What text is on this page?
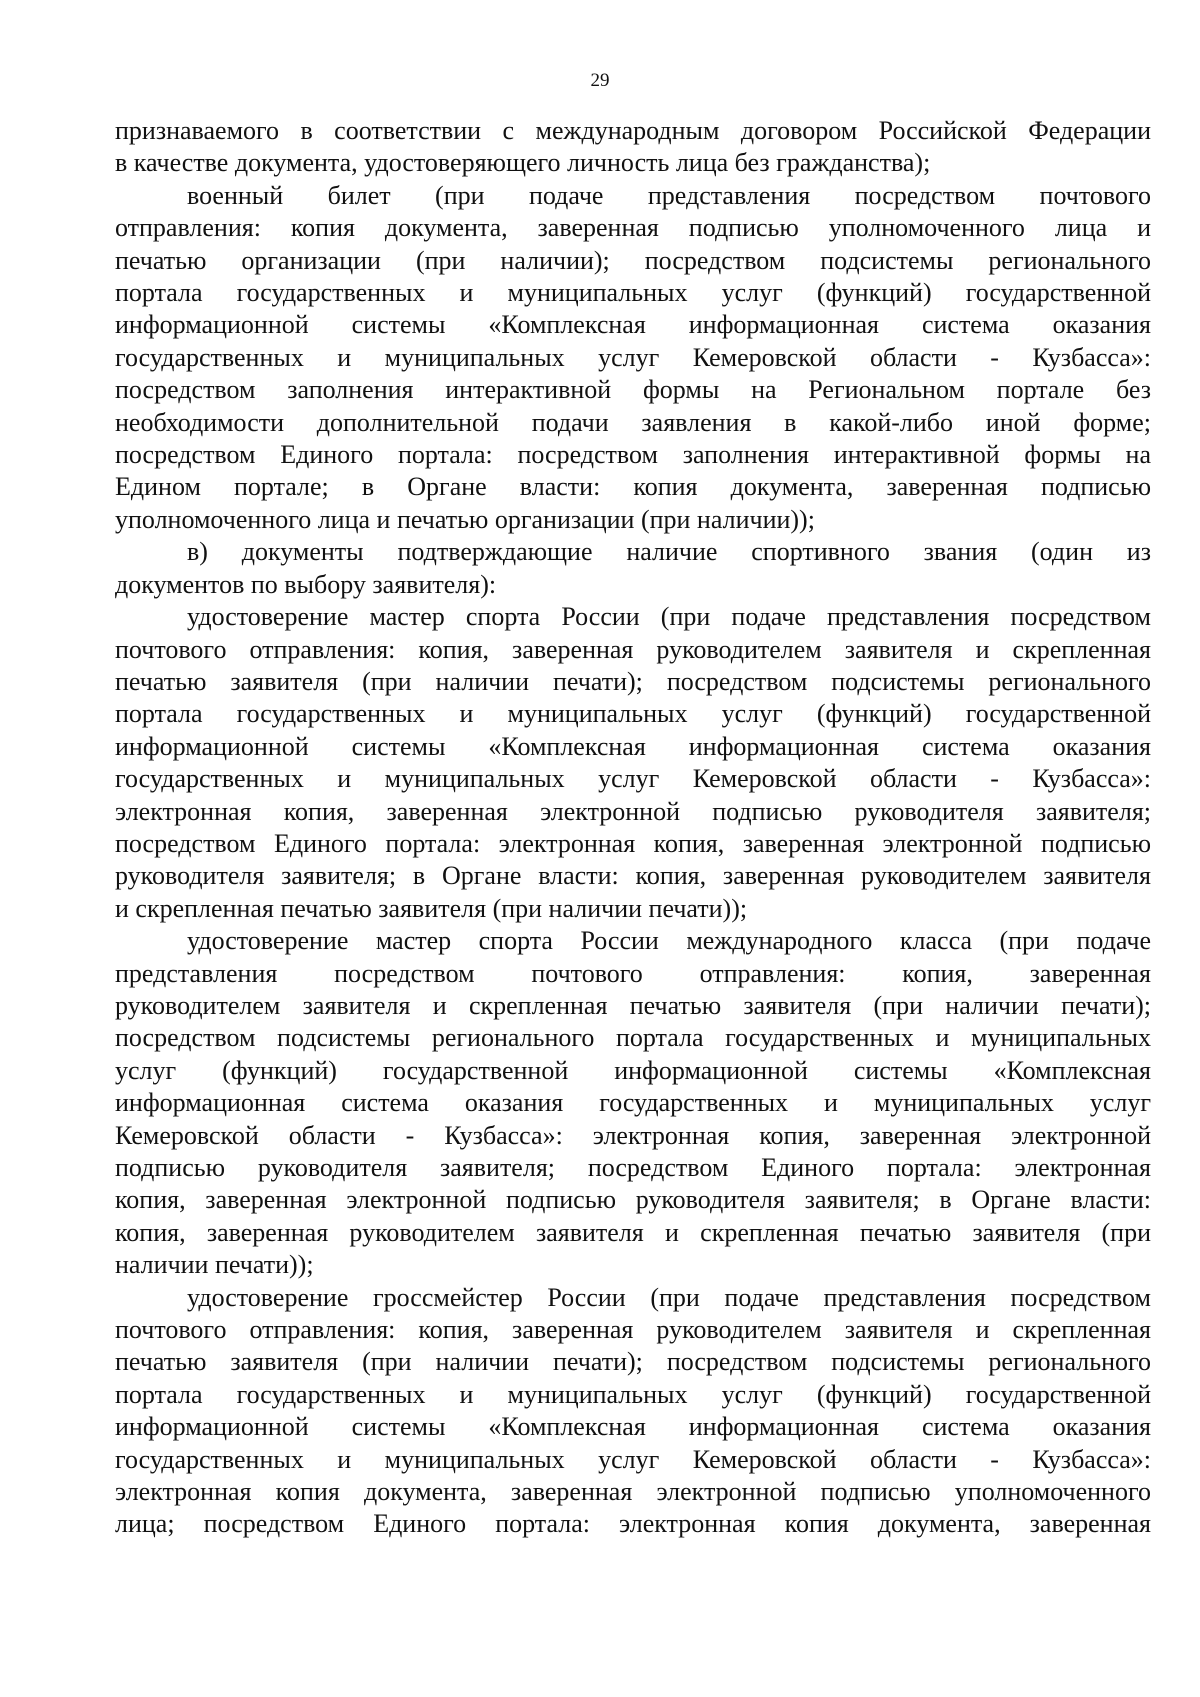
29
признаваемого в соответствии с международным договором Российской Федерации
в качестве документа, удостоверяющего личность лица без гражданства);
военный билет (при подаче представления посредством почтового
отправления: копия документа, заверенная подписью уполномоченного лица и
печатью организации (при наличии); посредством подсистемы регионального
портала государственных и муниципальных услуг (функций) государственной
информационной системы «Комплексная информационная система оказания
государственных и муниципальных услуг Кемеровской области - Кузбасса»:
посредством заполнения интерактивной формы на Региональном портале без
необходимости дополнительной подачи заявления в какой-либо иной форме;
посредством Единого портала: посредством заполнения интерактивной формы на
Едином портале; в Органе власти: копия документа, заверенная подписью
уполномоченного лица и печатью организации (при наличии));
в) документы подтверждающие наличие спортивного звания (один из
документов по выбору заявителя):
удостоверение мастер спорта России (при подаче представления посредством
почтового отправления: копия, заверенная руководителем заявителя и скрепленная
печатью заявителя (при наличии печати); посредством подсистемы регионального
портала государственных и муниципальных услуг (функций) государственной
информационной системы «Комплексная информационная система оказания
государственных и муниципальных услуг Кемеровской области - Кузбасса»:
электронная копия, заверенная электронной подписью руководителя заявителя;
посредством Единого портала: электронная копия, заверенная электронной подписью
руководителя заявителя; в Органе власти: копия, заверенная руководителем заявителя
и скрепленная печатью заявителя (при наличии печати));
удостоверение мастер спорта России международного класса (при подаче
представления посредством почтового отправления: копия, заверенная
руководителем заявителя и скрепленная печатью заявителя (при наличии печати);
посредством подсистемы регионального портала государственных и муниципальных
услуг (функций) государственной информационной системы «Комплексная
информационная система оказания государственных и муниципальных услуг
Кемеровской области - Кузбасса»: электронная копия, заверенная электронной
подписью руководителя заявителя; посредством Единого портала: электронная
копия, заверенная электронной подписью руководителя заявителя; в Органе власти:
копия, заверенная руководителем заявителя и скрепленная печатью заявителя (при
наличии печати));
удостоверение гроссмейстер России (при подаче представления посредством
почтового отправления: копия, заверенная руководителем заявителя и скрепленная
печатью заявителя (при наличии печати); посредством подсистемы регионального
портала государственных и муниципальных услуг (функций) государственной
информационной системы «Комплексная информационная система оказания
государственных и муниципальных услуг Кемеровской области - Кузбасса»:
электронная копия документа, заверенная электронной подписью уполномоченного
лица; посредством Единого портала: электронная копия документа, заверенная
